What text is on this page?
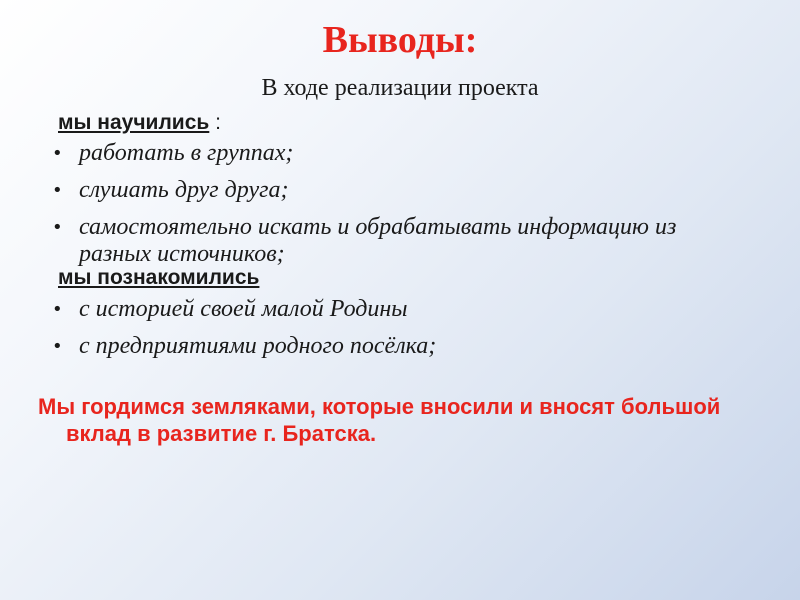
Выводы:
В ходе реализации проекта
мы научились :
• работать в группах;
• слушать друг друга;
• самостоятельно искать и обрабатывать информацию из разных источников;
мы познакомились
• с историей своей малой Родины
• с предприятиями родного посёлка;
Мы гордимся земляками, которые вносили и вносят большой вклад в развитие г. Братска.
